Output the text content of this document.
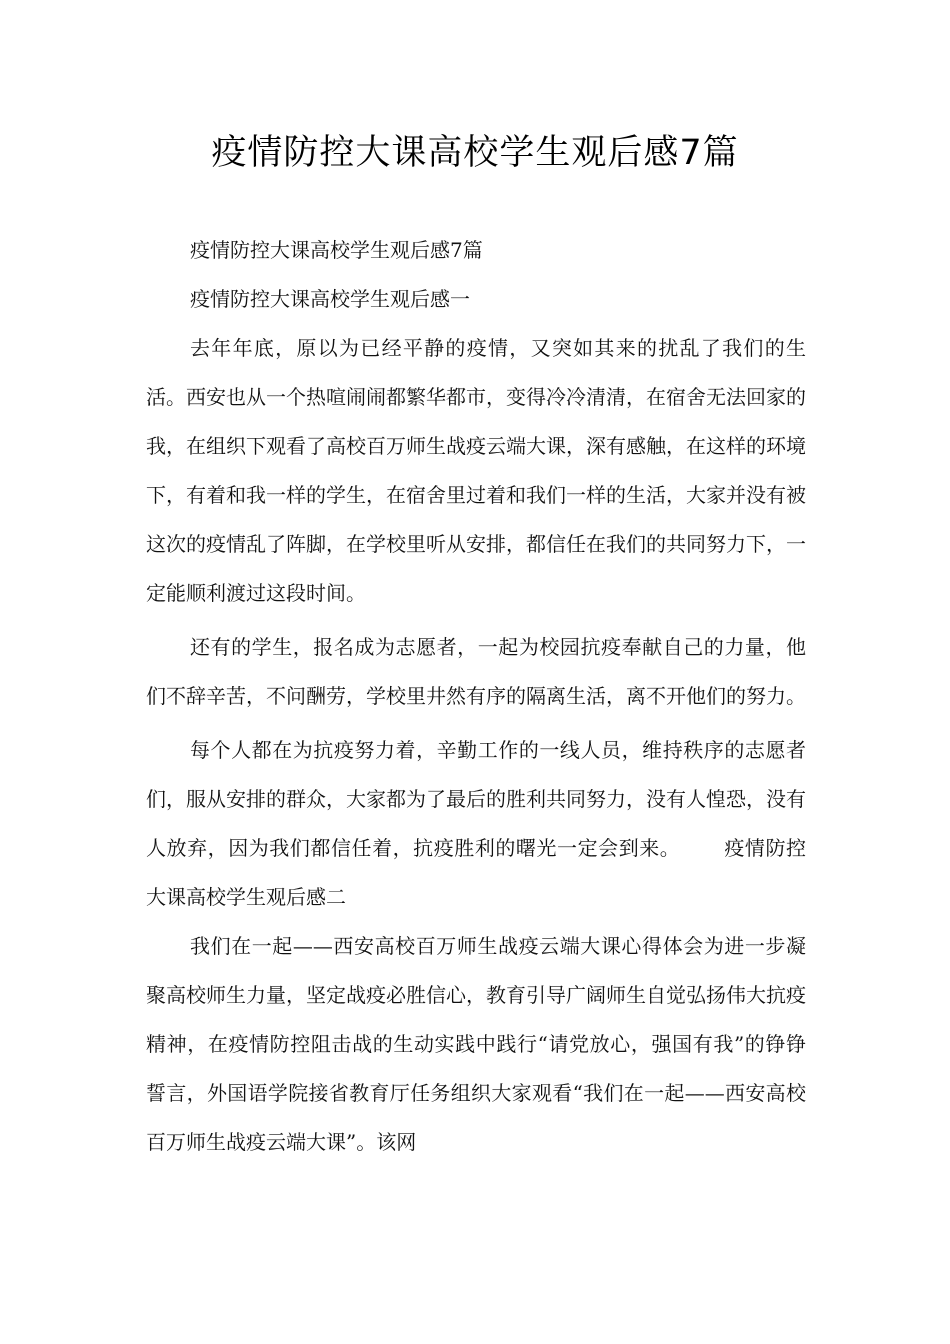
疫情防控大课高校学生观后感7篇

疫情防控大课高校学生观后感7篇

疫情防控大课高校学生观后感一

去年年底，原以为已经平静的疫情，又突如其来的扰乱了我们的生活。西安也从一个热喧闹闹都繁华都市，变得冷冷清清，在宿舍无法回家的我，在组织下观看了高校百万师生战疫云端大课，深有感触，在这样的环境下，有着和我一样的学生，在宿舍里过着和我们一样的生活，大家并没有被这次的疫情乱了阵脚，在学校里听从安排，都信任在我们的共同努力下，一定能顺利渡过这段时间。

还有的学生，报名成为志愿者，一起为校园抗疫奉献自己的力量，他们不辞辛苦，不问酬劳，学校里井然有序的隔离生活，离不开他们的努力。

每个人都在为抗疫努力着，辛勤工作的一线人员，维持秩序的志愿者们，服从安排的群众，大家都为了最后的胜利共同努力，没有人惶恐，没有人放弃，因为我们都信任着，抗疫胜利的曙光一定会到来。 疫情防控大课高校学生观后感二

我们在一起——西安高校百万师生战疫云端大课心得体会为进一步凝聚高校师生力量，坚定战疫必胜信心，教育引导广阔师生自觉弘扬伟大抗疫精神，在疫情防控阻击战的生动实践中践行“请党放心，强国有我”的铮铮誓言，外国语学院接省教育厅任务组织大家观看“我们在一起——西安高校百万师生战疫云端大课”。该网
